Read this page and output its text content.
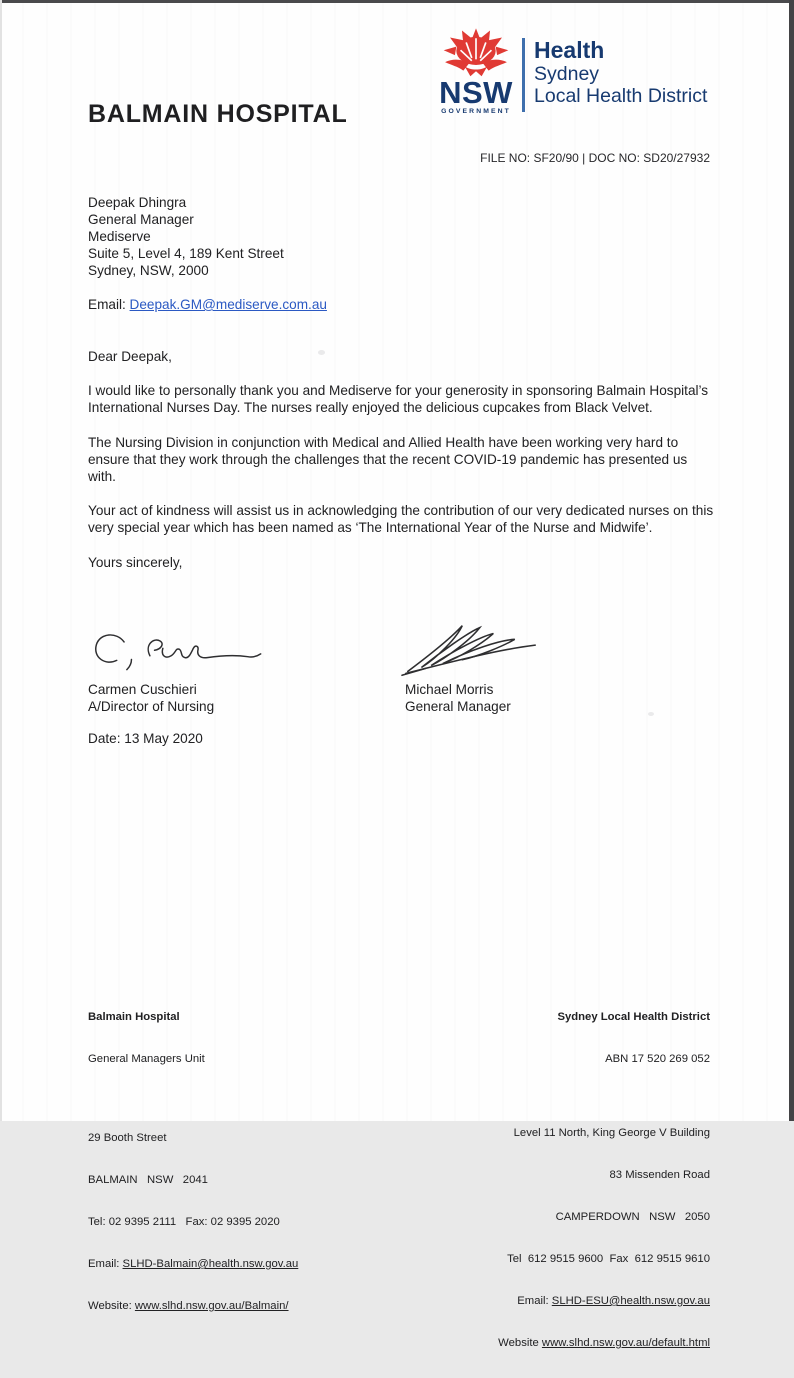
NSW
GOVERNMENT
Health
Sydney
Local Health District
BALMAIN HOSPITAL
FILE NO: SF20/90 | DOC NO: SD20/27932
Deepak Dhingra
General Manager
Mediserve
Suite 5, Level 4, 189 Kent Street
Sydney, NSW, 2000
Email: Deepak.GM@mediserve.com.au

Dear Deepak,

I would like to personally thank you and Mediserve for your generosity in sponsoring Balmain Hospital’s International Nurses Day. The nurses really enjoyed the delicious cupcakes from Black Velvet.

The Nursing Division in conjunction with Medical and Allied Health have been working very hard to ensure that they work through the challenges that the recent COVID-19 pandemic has presented us with.

Your act of kindness will assist us in acknowledging the contribution of our very dedicated nurses on this very special year which has been named as ‘The International Year of the Nurse and Midwife’.

Yours sincerely,

Carmen Cuschieri
A/Director of Nursing
Michael Morris
General Manager
Date: 13 May 2020

Balmain Hospital

General Managers Unit

29 Booth Street

BALMAIN   NSW   2041

Tel: 02 9395 2111   Fax: 02 9395 2020

Email: SLHD-Balmain@health.nsw.gov.au

Website: www.slhd.nsw.gov.au/Balmain/

Sydney Local Health District

ABN 17 520 269 052

Level 11 North, King George V Building

83 Missenden Road

CAMPERDOWN   NSW   2050

Tel  612 9515 9600  Fax  612 9515 9610

Email: SLHD-ESU@health.nsw.gov.au

Website www.slhd.nsw.gov.au/default.html
